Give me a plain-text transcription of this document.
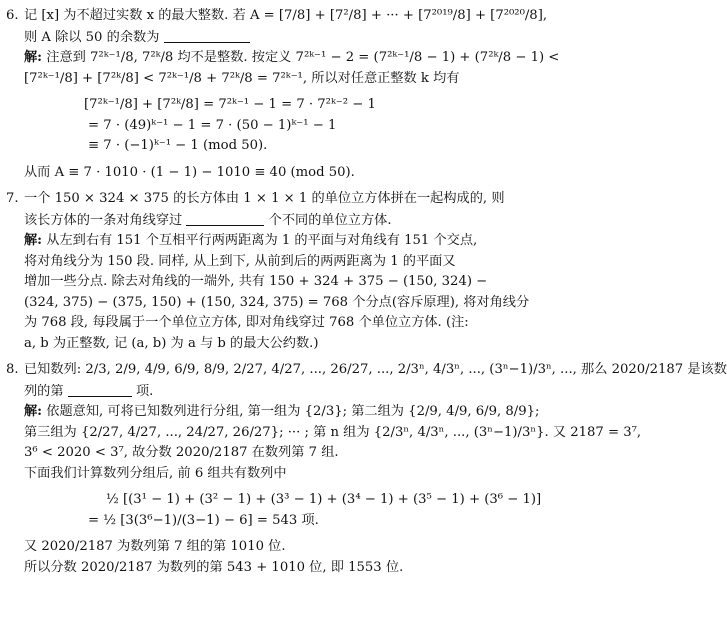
6. 记 [x] 为不超过实数 x 的最大整数. 若 A = [7/8] + [7²/8] + ··· + [7²⁰¹⁹/8] + [7²⁰²⁰/8],
则 A 除以 50 的余数为
解: 注意到 7²ᵏ⁻¹/8, 7²ᵏ/8 均不是整数. 按定义 7²ᵏ⁻¹ − 2 = (7²ᵏ⁻¹/8 − 1) + (7²ᵏ/8 − 1) <
[7²ᵏ⁻¹/8] + [7²ᵏ/8] < 7²ᵏ⁻¹/8 + 7²ᵏ/8 = 7²ᵏ⁻¹, 所以对任意正整数 k 均有
[7²ᵏ⁻¹/8] + [7²ᵏ/8] = 7²ᵏ⁻¹ − 1 = 7 · 7²ᵏ⁻² − 1
= 7 · (49)ᵏ⁻¹ − 1 = 7 · (50 − 1)ᵏ⁻¹ − 1
≡ 7 · (−1)ᵏ⁻¹ − 1 (mod 50).
从而 A ≡ 7 · 1010 · (1 − 1) − 1010 ≡ 40 (mod 50).
7. 一个 150 × 324 × 375 的长方体由 1 × 1 × 1 的单位立方体拼在一起构成的, 则
该长方体的一条对角线穿过	个不同的单位立方体.
解: 从左到右有 151 个互相平行两两距离为 1 的平面与对角线有 151 个交点,
将对角线分为 150 段. 同样, 从上到下, 从前到后的两两距离为 1 的平面又
增加一些分点. 除去对角线的一端外, 共有 150 + 324 + 375 − (150, 324) −
(324, 375) − (375, 150) + (150, 324, 375) = 768 个分点(容斥原理), 将对角线分
为 768 段, 每段属于一个单位立方体, 即对角线穿过 768 个单位立方体. (注:
a, b 为正整数, 记 (a, b) 为 a 与 b 的最大公约数.)
8. 已知数列: 2/3, 2/9, 4/9, 6/9, 8/9, 2/27, 4/27, ..., 26/27, ..., 2/3ⁿ, 4/3ⁿ, ..., (3ⁿ−1)/3ⁿ, ..., 那么 2020/2187 是该数
列的第	项.
解: 依题意知, 可将已知数列进行分组, 第一组为 {2/3}; 第二组为 {2/9, 4/9, 6/9, 8/9};
第三组为 {2/27, 4/27, ..., 24/27, 26/27}; ··· ; 第 n 组为 {2/3ⁿ, 4/3ⁿ, ..., (3ⁿ−1)/3ⁿ}. 又 2187 = 3⁷,
3⁶ < 2020 < 3⁷, 故分数 2020/2187 在数列第 7 组.
下面我们计算数列分组后, 前 6 组共有数列中
½ [(3¹ − 1) + (3² − 1) + (3³ − 1) + (3⁴ − 1) + (3⁵ − 1) + (3⁶ − 1)]
= ½ [3(3⁶−1)/(3−1) − 6] = 543 项.
又 2020/2187 为数列第 7 组的第 1010 位.
所以分数 2020/2187 为数列的第 543 + 1010 位, 即 1553 位.
